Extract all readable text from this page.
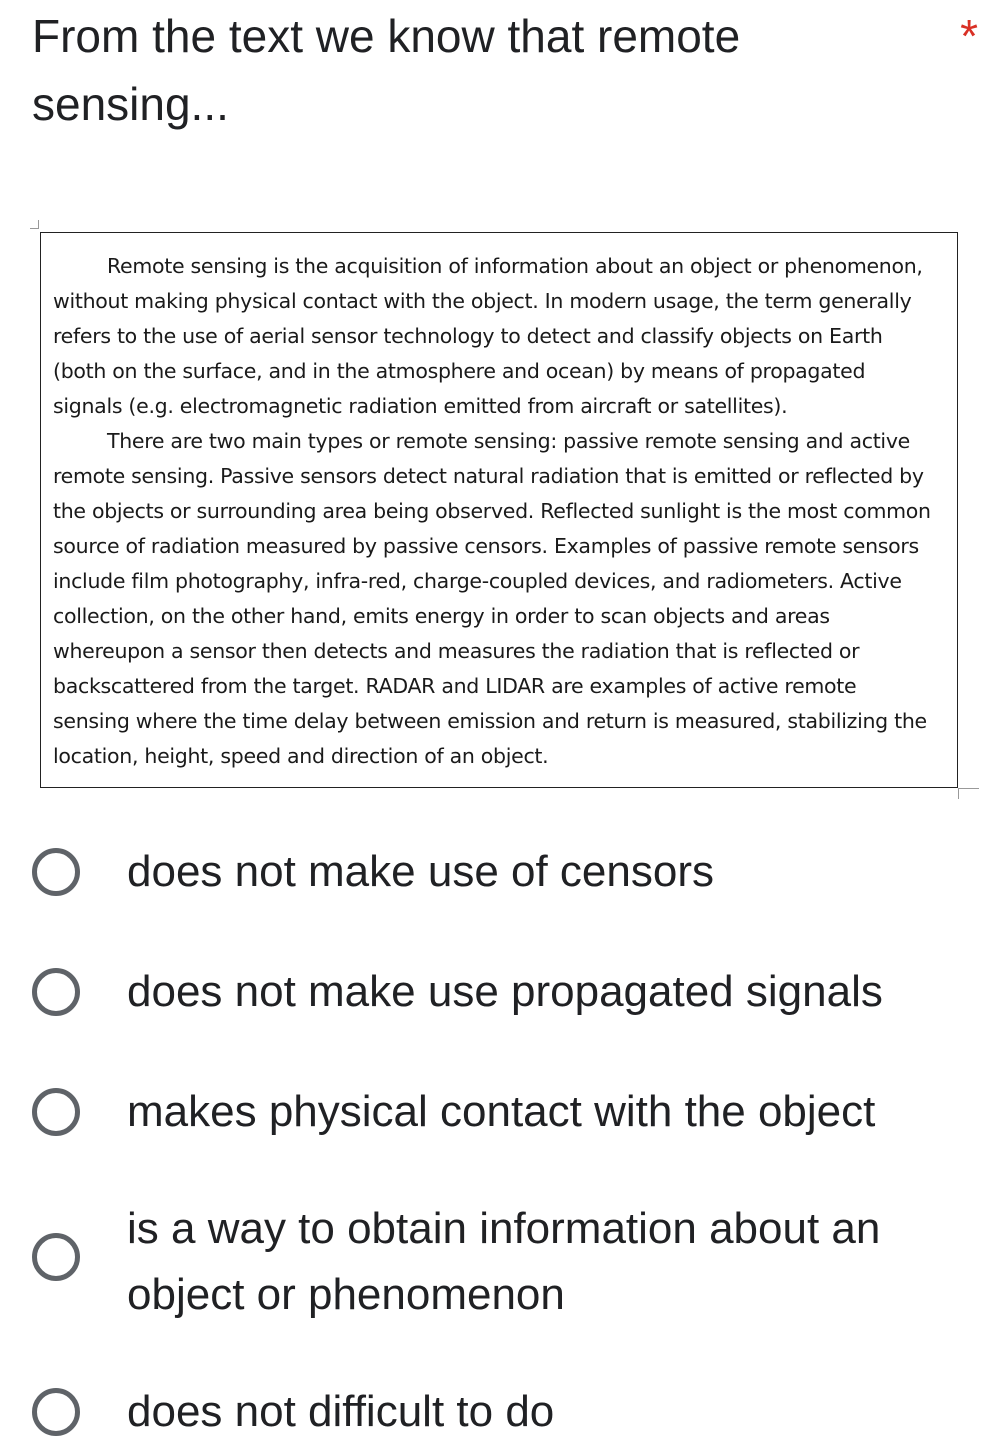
From the text we know that remote sensing...
*

Remote sensing is the acquisition of information about an object or phenomenon, without making physical contact with the object. In modern usage, the term generally refers to the use of aerial sensor technology to detect and classify objects on Earth (both on the surface, and in the atmosphere and ocean) by means of propagated signals (e.g. electromagnetic radiation emitted from aircraft or satellites).

There are two main types or remote sensing: passive remote sensing and active remote sensing. Passive sensors detect natural radiation that is emitted or reflected by the objects or surrounding area being observed. Reflected sunlight is the most common source of radiation measured by passive censors. Examples of passive remote sensors include film photography, infra-red, charge-coupled devices, and radiometers. Active collection, on the other hand, emits energy in order to scan objects and areas whereupon a sensor then detects and measures the radiation that is reflected or backscattered from the target. RADAR and LIDAR are examples of active remote sensing where the time delay between emission and return is measured, stabilizing the location, height, speed and direction of an object.

does not make use of censors
does not make use propagated signals
makes physical contact with the object
is a way to obtain information about an object or phenomenon
does not difficult to do
